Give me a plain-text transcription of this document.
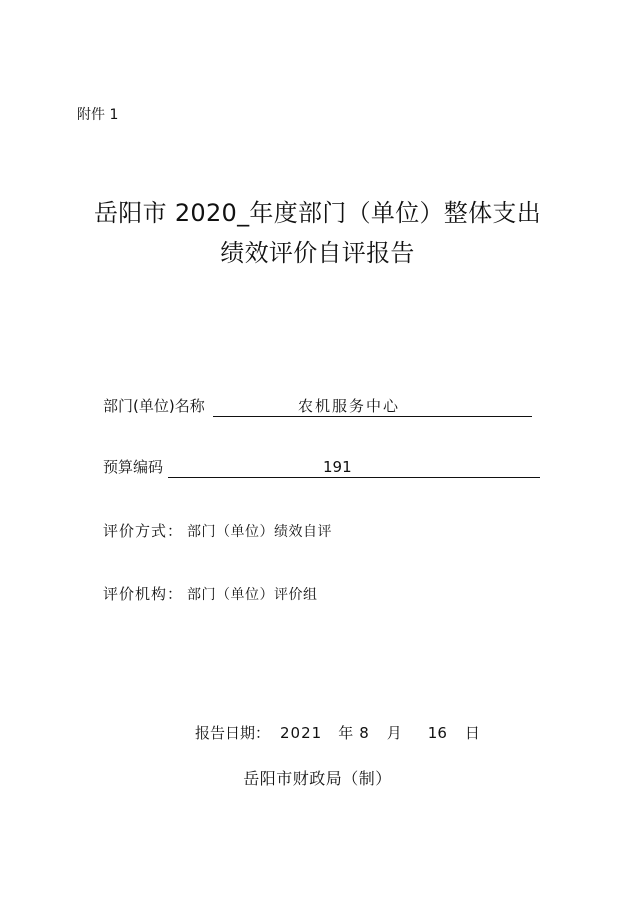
附件 1
岳阳市 2020_年度部门（单位）整体支出
绩效评价自评报告
部门(单位)名称	农机服务中心
预算编码	191
评价方式： 部门（单位）绩效自评
评价机构： 部门（单位）评价组
报告日期： 2021 年 8 月 16 日
岳阳市财政局（制）
